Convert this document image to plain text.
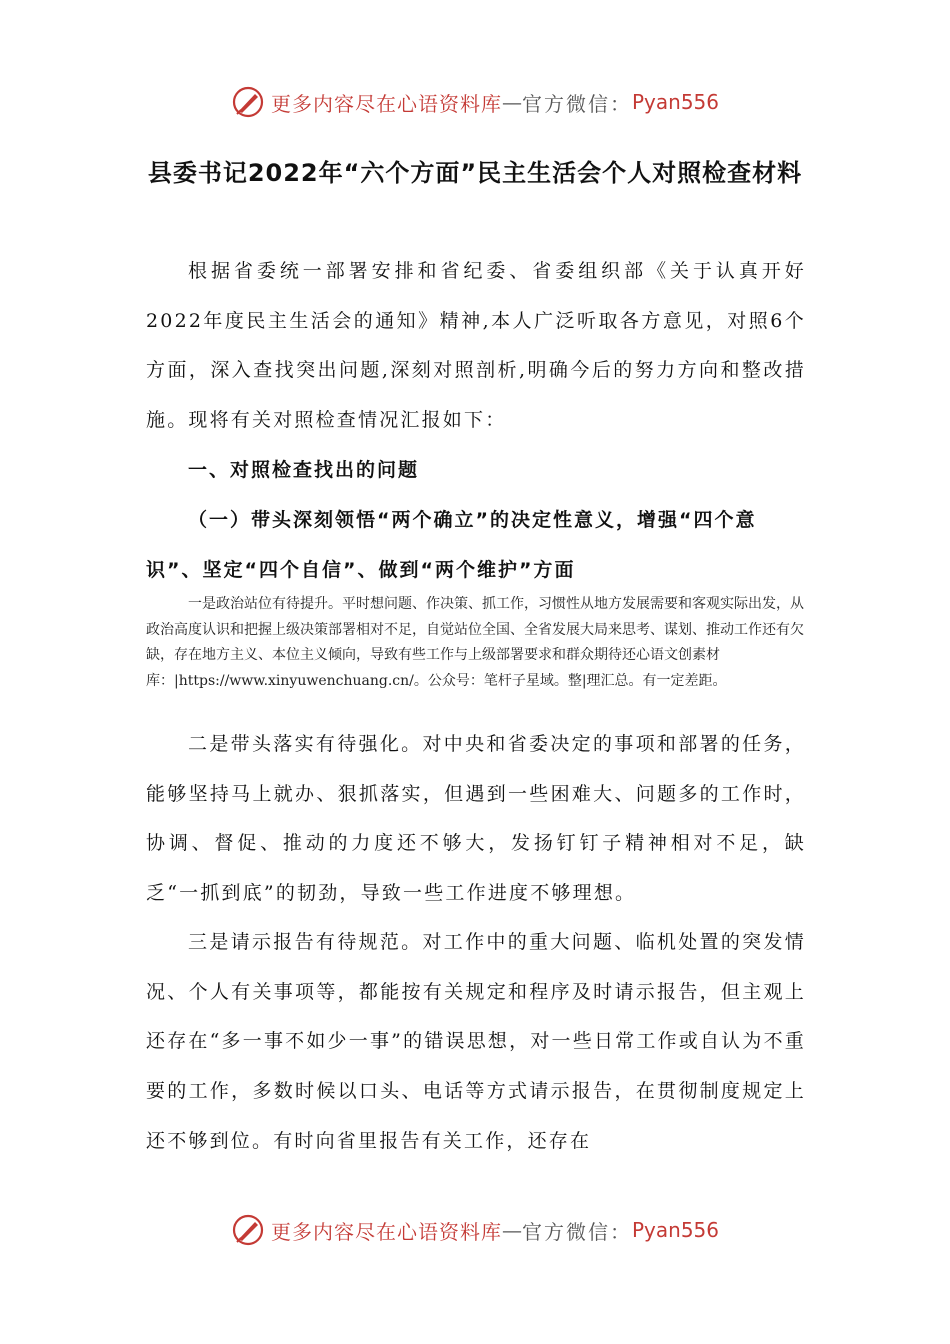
更多内容尽在心语资料库 — 官方微信： Pyan556
县委书记2022年“六个方面”民主生活会个人对照检查材料
根据省委统一部署安排和省纪委、省委组织部《关于认真开好2022年度民主生活会的通知》精神,本人广泛听取各方意见，对照6个方面，深入查找突出问题,深刻对照剖析,明确今后的努力方向和整改措施。现将有关对照检查情况汇报如下：
一、对照检查找出的问题
（一）带头深刻领悟“两个确立”的决定性意义，增强“四个意识”、坚定“四个自信”、做到“两个维护”方面
一是政治站位有待提升。平时想问题、作决策、抓工作，习惯性从地方发展需要和客观实际出发，从政治高度认识和把握上级决策部署相对不足，自觉站位全国、全省发展大局来思考、谋划、推动工作还有欠缺，存在地方主义、本位主义倾向，导致有些工作与上级部署要求和群众期待还心语文创素材库：|https://www.xinyuwenchuang.cn/。公众号：笔杆子星域。整|理汇总。有一定差距。
二是带头落实有待强化。对中央和省委决定的事项和部署的任务，能够坚持马上就办、狠抓落实，但遇到一些困难大、问题多的工作时，协调、督促、推动的力度还不够大，发扬钉钉子精神相对不足，缺乏“一抓到底”的韧劲，导致一些工作进度不够理想。
三是请示报告有待规范。对工作中的重大问题、临机处置的突发情况、个人有关事项等，都能按有关规定和程序及时请示报告，但主观上还存在“多一事不如少一事”的错误思想，对一些日常工作或自认为不重要的工作，多数时候以口头、电话等方式请示报告，在贯彻制度规定上还不够到位。有时向省里报告有关工作，还存在
更多内容尽在心语资料库 — 官方微信： Pyan556
